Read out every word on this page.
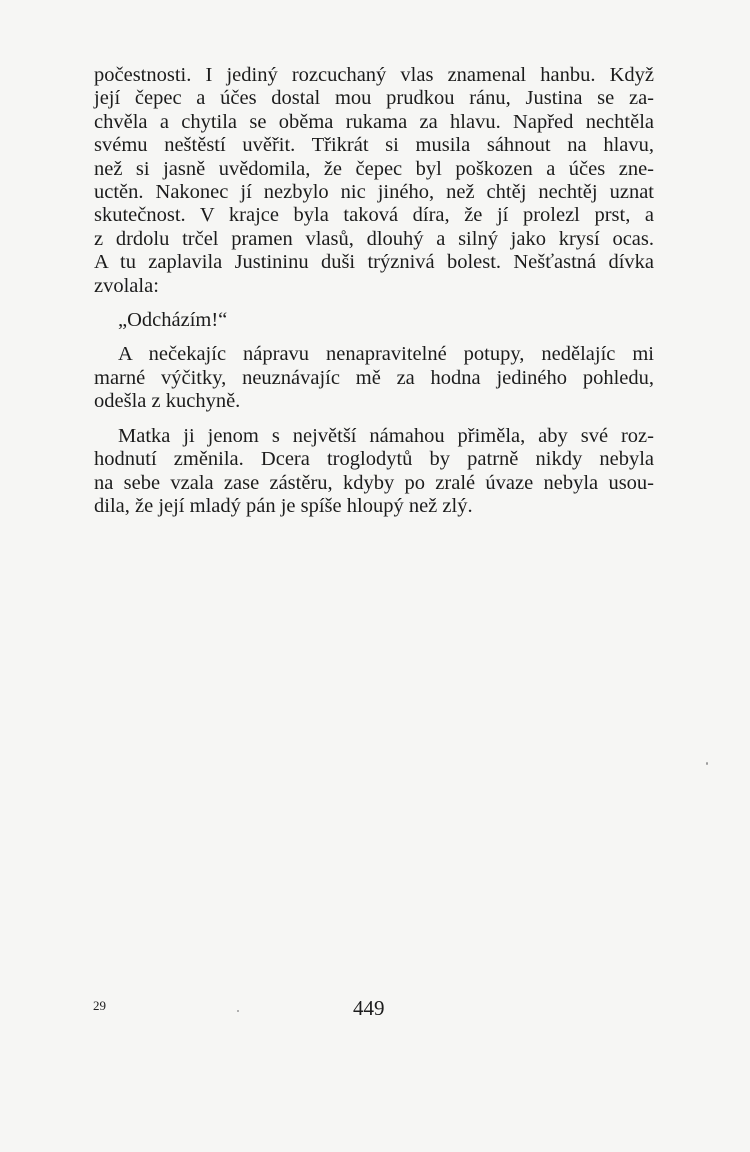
počestnosti. I jediný rozcuchaný vlas znamenal hanbu. Když
její čepec a účes dostal mou prudkou ránu, Justina se za-
chvěla a chytila se oběma rukama za hlavu. Napřed nechtěla
svému neštěstí uvěřit. Třikrát si musila sáhnout na hlavu,
než si jasně uvědomila, že čepec byl poškozen a účes zne-
uctěn. Nakonec jí nezbylo nic jiného, než chtěj nechtěj uznat
skutečnost. V krajce byla taková díra, že jí prolezl prst, a
z drdolu trčel pramen vlasů, dlouhý a silný jako krysí ocas.
A tu zaplavila Justininu duši trýznivá bolest. Nešťastná dívka
zvolala:
„Odcházím!“
A nečekajíc nápravu nenapravitelné potupy, nedělajíc mi
marné výčitky, neuznávajíc mě za hodna jediného pohledu,
odešla z kuchyně.
Matka ji jenom s největší námahou přiměla, aby své roz-
hodnutí změnila. Dcera troglodytů by patrně nikdy nebyla
na sebe vzala zase zástěru, kdyby po zralé úvaze nebyla usou-
dila, že její mladý pán je spíše hloupý než zlý.
29	449
